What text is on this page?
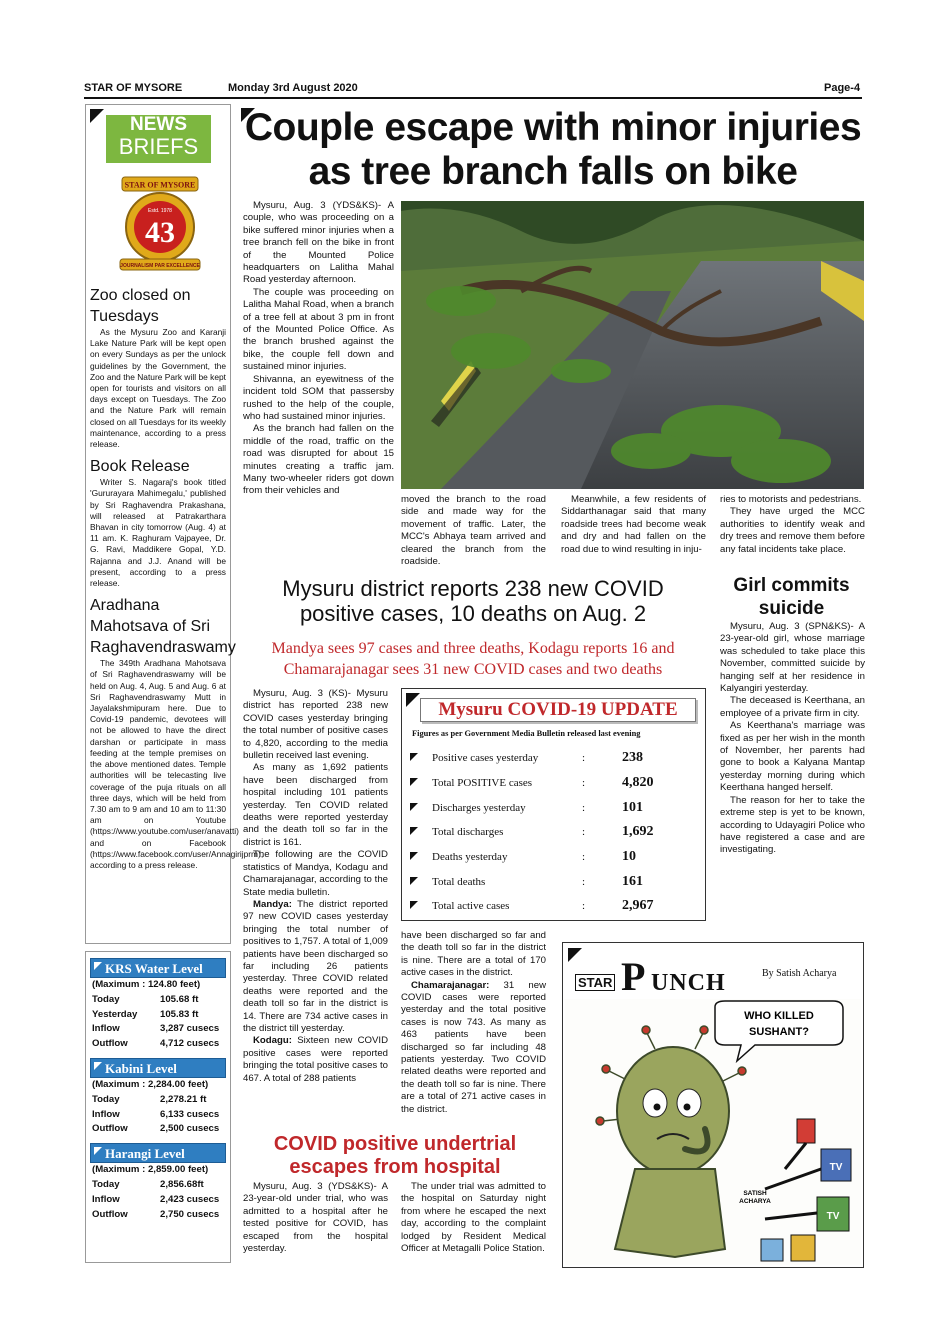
STAR OF MYSORE	Monday 3rd August 2020	Page-4
NEWS
BRIEFS
STAR OF MYSORE
Estd. 1978
43
JOURNALISM PAR EXCELLENCE
Zoo closed on Tuesdays

As the Mysuru Zoo and Karanji Lake Nature Park will be kept open on every Sundays as per the unlock guidelines by the Government, the Zoo and the Nature Park will be kept open for tourists and visitors on all days except on Tuesdays. The Zoo and the Nature Park will remain closed on all Tuesdays for its weekly maintenance, according to a press release.

Book Release

Writer S. Nagaraj's book titled 'Gururayara Mahimegalu,' published by Sri Raghavendra Prakashana, will released at Patrakarthara Bhavan in city tomorrow (Aug. 4) at 11 am. K. Raghuram Vajpayee, Dr. G. Ravi, Maddikere Gopal, Y.D. Rajanna and J.J. Anand will be present, according to a press release.

Aradhana Mahotsava of Sri Raghavendraswamy

The 349th Aradhana Mahotsava of Sri Raghavendraswamy will be held on Aug. 4, Aug. 5 and Aug. 6 at Sri Raghavendraswamy Mutt in Jayalakshmipuram here. Due to Covid-19 pandemic, devotees will not be allowed to have the direct darshan or participate in mass feeding at the temple premises on the above mentioned dates. Temple authorities will be telecasting live coverage of the puja rituals on all three days, which will be held from 7.30 am to 9 am and 10 am to 11:30 am on Youtube (https://www.youtube.com/user/anavatti) and on Facebook (https://www.facebook.com/user/Annagirijprm), according to a press release.

KRS Water Level
(Maximum : 124.80 feet)	
Today	105.68 ft
Yesterday	105.83 ft
Inflow	3,287 cusecs
Outflow	4,712 cusecs
Kabini Level
(Maximum : 2,284.00 feet)	
Today	2,278.21 ft
Inflow	6,133 cusecs
Outflow	2,500 cusecs
Harangi Level
(Maximum : 2,859.00 feet)	
Today	2,856.68ft
Inflow	2,423 cusecs
Outflow	2,750 cusecs
Couple escape with minor injuries
as tree branch falls on bike

Mysuru, Aug. 3 (YDS&KS)- A couple, who was proceeding on a bike suffered minor injuries when a tree branch fell on the bike in front of the Mounted Police headquarters on Lalitha Mahal Road yesterday afternoon.

The couple was proceeding on Lalitha Mahal Road, when a branch of a tree fell at about 3 pm in front of the Mounted Police Office. As the branch brushed against the bike, the couple fell down and sustained minor injuries.

Shivanna, an eyewitness of the incident told SOM that passersby rushed to the help of the couple, who had sustained minor injuries.

As the branch had fallen on the middle of the road, traffic on the road was disrupted for about 15 minutes creating a traffic jam. Many two-wheeler riders got down from their vehicles and

moved the branch to the road side and made way for the movement of traffic. Later, the MCC's Abhaya team arrived and cleared the branch from the roadside.

Meanwhile, a few residents of Siddarthanagar said that many roadside trees had become weak and dry and had fallen on the road due to wind resulting in inju-

ries to motorists and pedestrians.

They have urged the MCC authorities to identify weak and dry trees and remove them before any fatal incidents take place.

Mysuru district reports 238 new COVID
positive cases, 10 deaths on Aug. 2
Mandya sees 97 cases and three deaths, Kodagu reports 16 and
Chamarajanagar sees 31 new COVID cases and two deaths

Mysuru, Aug. 3 (KS)- Mysuru district has reported 238 new COVID cases yesterday bringing the total number of positive cases to 4,820, according to the media bulletin received last evening.

As many as 1,692 patients have been discharged from hospital including 101 patients yesterday. Ten COVID related deaths were reported yesterday and the death toll so far in the district is 161.

The following are the COVID statistics of Mandya, Kodagu and Chamarajanagar, according to the State media bulletin.

Mandya: The district reported 97 new COVID cases yesterday bringing the total number of positives to 1,757. A total of 1,009 patients have been discharged so far including 26 patients yesterday. Three COVID related deaths were reported and the death toll so far in the district is 14. There are 734 active cases in the district till yesterday.

Kodagu: Sixteen new COVID positive cases were reported bringing the total positive cases to 467. A total of 288 patients

Mysuru COVID-19 UPDATE
Figures as per Government Media Bulletin released last evening
	Positive cases yesterday	:	238
	Total POSITIVE cases	:	4,820
	Discharges yesterday	:	101
	Total discharges	:	1,692
	Deaths yesterday	:	10
	Total deaths	:	161
	Total active cases	:	2,967

have been discharged so far and the death toll so far in the district is nine. There are a total of 170 active cases in the district.

Chamarajanagar: 31 new COVID cases were reported yesterday and the total positive cases is now 743. As many as 463 patients have been discharged so far including 48 patients yesterday. Two COVID related deaths were reported and the death toll so far is nine. There are a total of 271 active cases in the district.

Girl commits
suicide

Mysuru, Aug. 3 (SPN&KS)- A 23-year-old girl, whose marriage was scheduled to take place this November, committed suicide by hanging self at her residence in Kalyangiri yesterday.

The deceased is Keerthana, an employee of a private firm in city.

As Keerthana's marriage was fixed as per her wish in the month of November, her parents had gone to book a Kalyana Mantap yesterday morning during which Keerthana hanged herself.

The reason for her to take the extreme step is yet to be known, according to Udayagiri Police who have registered a case and are investigating.

COVID positive undertrial
escapes from hospital

Mysuru, Aug. 3 (YDS&KS)- A 23-year-old under trial, who was admitted to a hospital after he tested positive for COVID, has escaped from the hospital yesterday.

The under trial was admitted to the hospital on Saturday night from where he escaped the next day, according to the complaint lodged by Resident Medical Officer at Metagalli Police Station.

STAR P UNCH	By Satish Acharya
WHO KILLED
SUSHANT?
TV
TV
SATISH
ACHARYA
